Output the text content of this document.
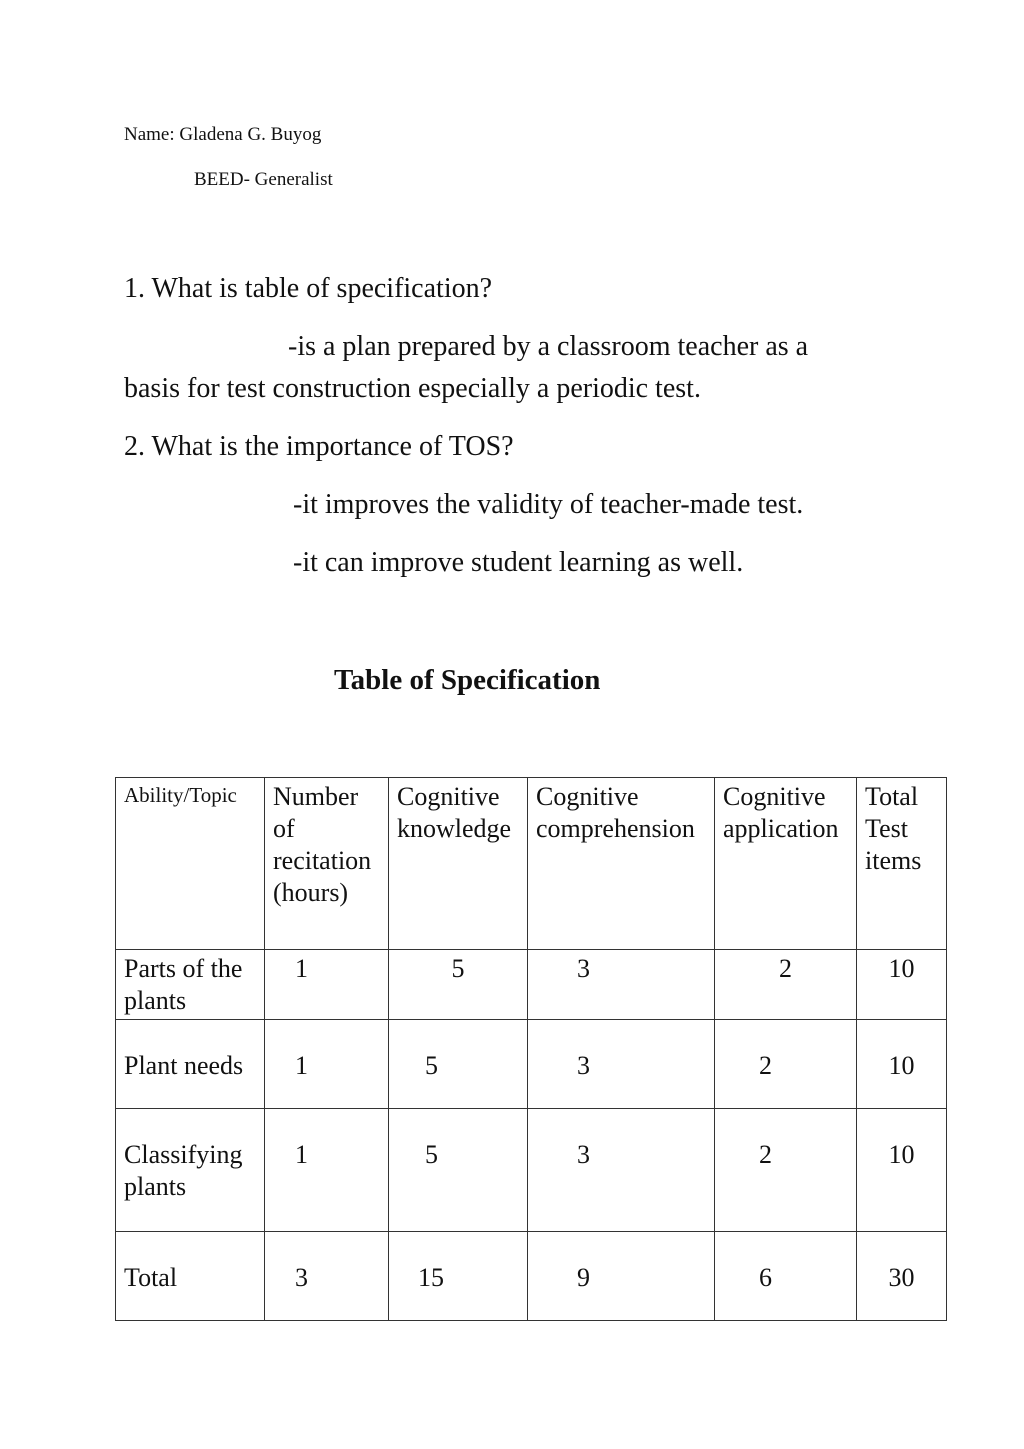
Name: Gladena G. Buyog
BEED- Generalist
1. What is table of specification?
-is a plan prepared by a classroom teacher as a
basis for test construction especially a periodic test.
2. What is the importance of TOS?
-it improves the validity of teacher-made test.
-it can improve student learning as well.
Table of Specification
Ability/Topic	Number of recitation (hours)	Cognitive knowledge	Cognitive comprehension	Cognitive application	Total Test items
Parts of the plants	1	5	3	2	10
Plant needs	1	5	3	2	10
Classifying plants	1	5	3	2	10
Total	3	15	9	6	30
